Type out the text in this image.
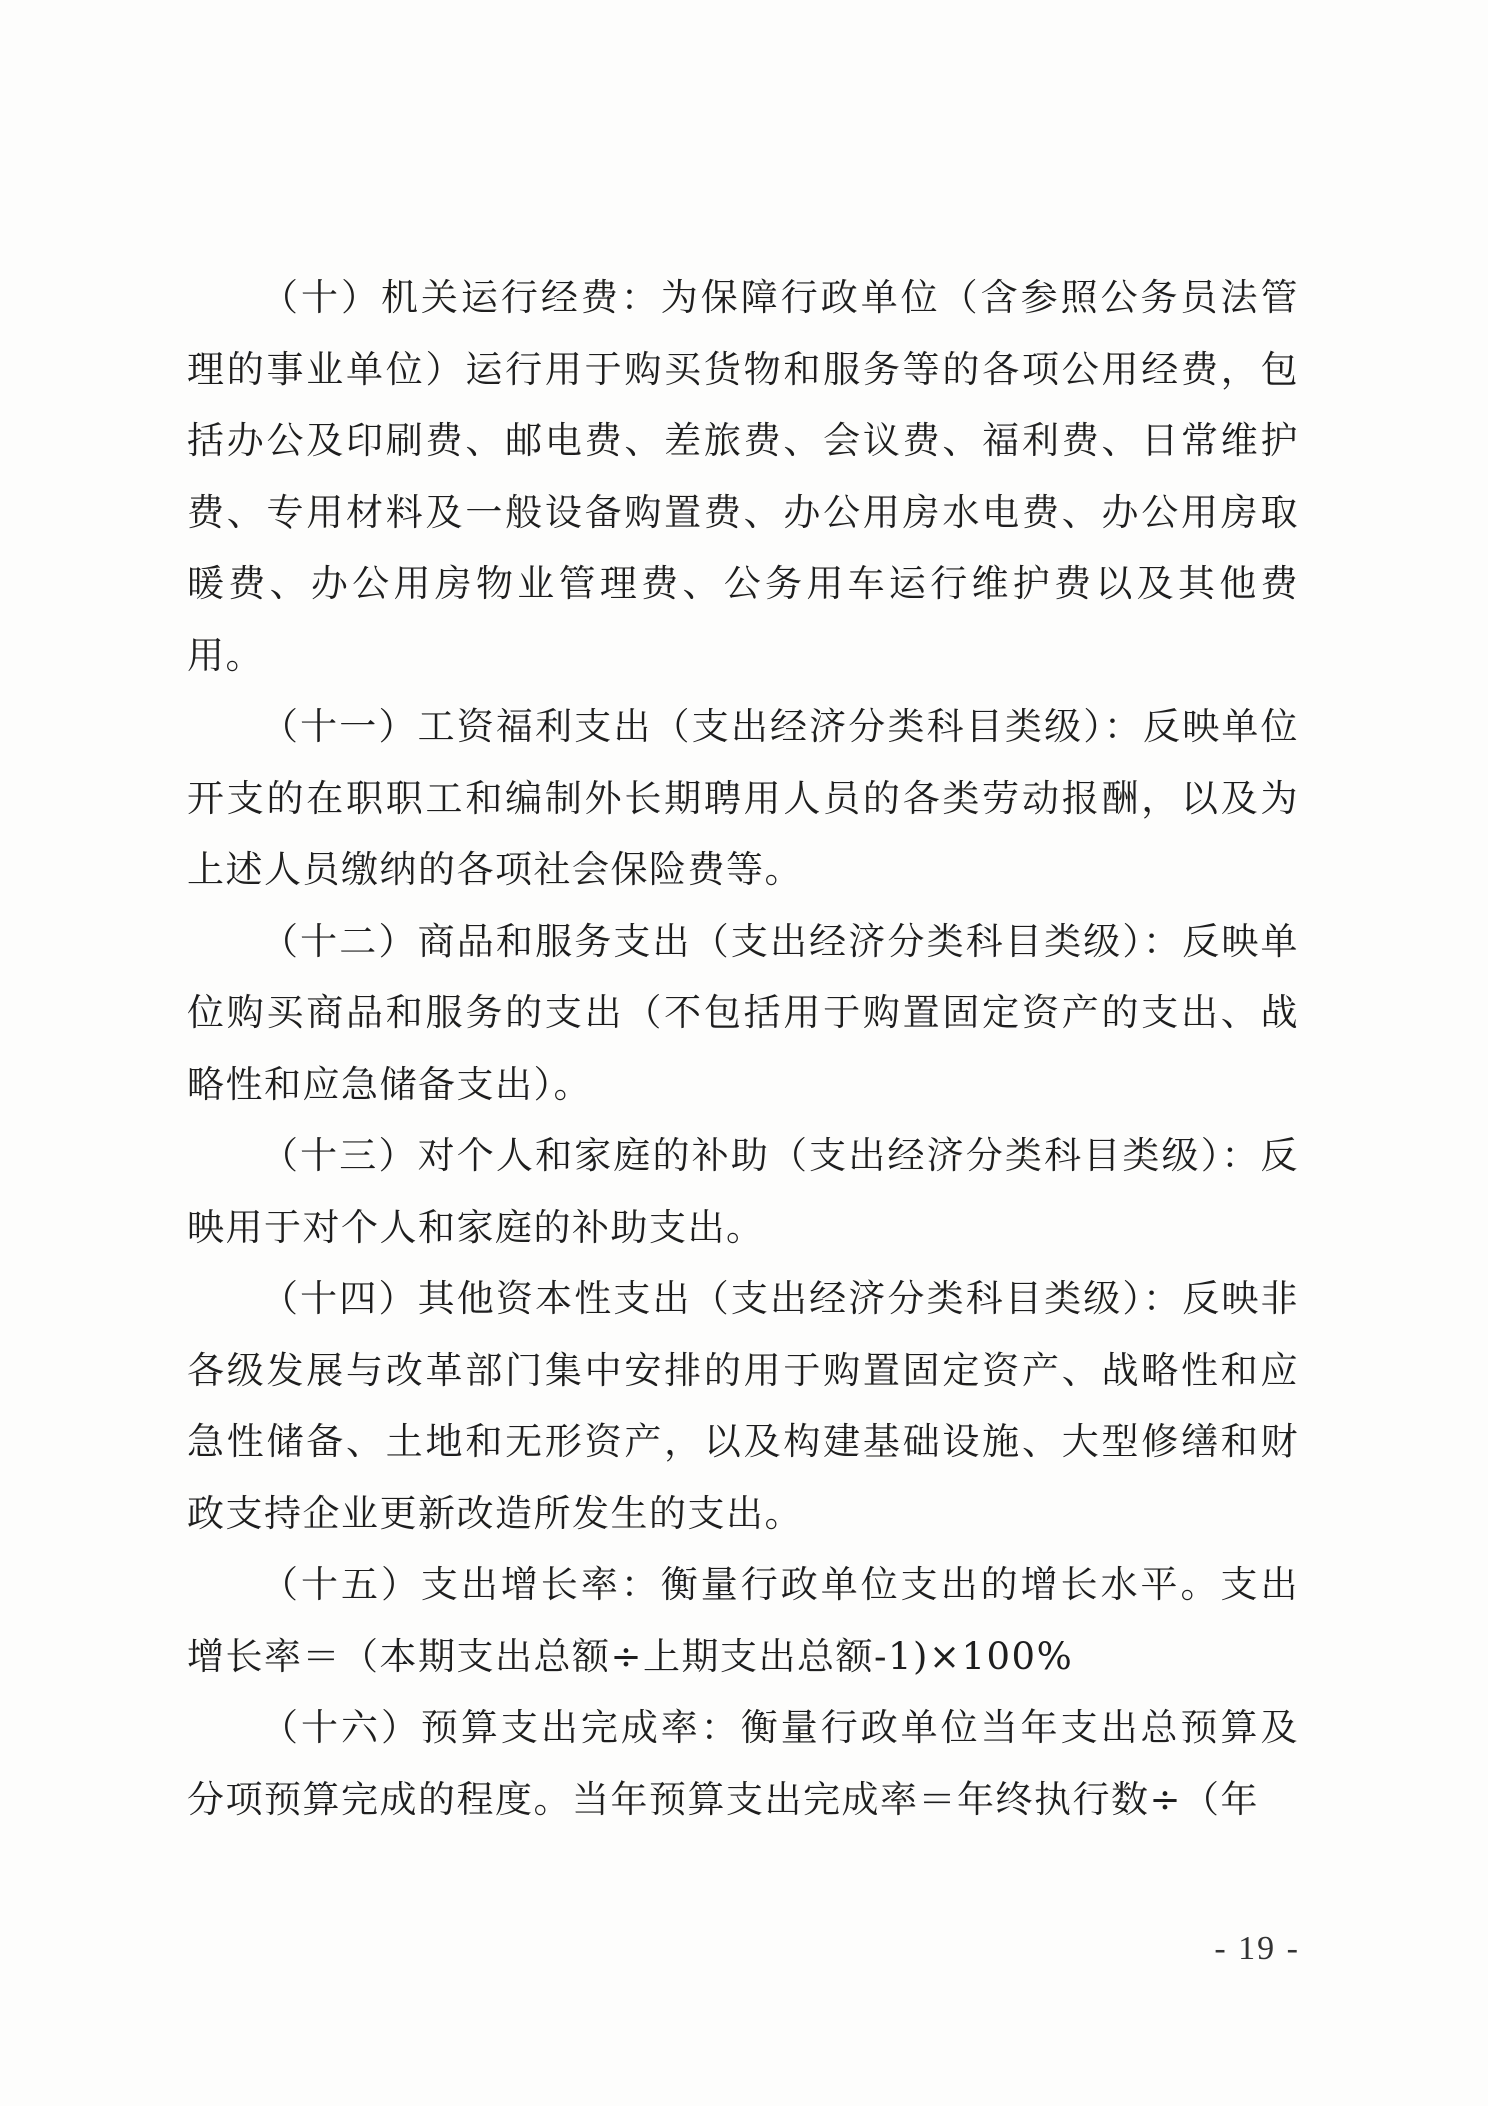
（十）机关运行经费：为保障行政单位（含参照公务员法管理的事业单位）运行用于购买货物和服务等的各项公用经费，包括办公及印刷费、邮电费、差旅费、会议费、福利费、日常维护费、专用材料及一般设备购置费、办公用房水电费、办公用房取暖费、办公用房物业管理费、公务用车运行维护费以及其他费用。

（十一）工资福利支出（支出经济分类科目类级）：反映单位开支的在职职工和编制外长期聘用人员的各类劳动报酬，以及为上述人员缴纳的各项社会保险费等。

（十二）商品和服务支出（支出经济分类科目类级）：反映单位购买商品和服务的支出（不包括用于购置固定资产的支出、战略性和应急储备支出）。

（十三）对个人和家庭的补助（支出经济分类科目类级）：反映用于对个人和家庭的补助支出。

（十四）其他资本性支出（支出经济分类科目类级）：反映非各级发展与改革部门集中安排的用于购置固定资产、战略性和应急性储备、土地和无形资产，以及构建基础设施、大型修缮和财政支持企业更新改造所发生的支出。

（十五）支出增长率：衡量行政单位支出的增长水平。支出增长率＝（本期支出总额÷上期支出总额-1)×100%

（十六）预算支出完成率：衡量行政单位当年支出总预算及分项预算完成的程度。当年预算支出完成率＝年终执行数÷（年

- 19 -
